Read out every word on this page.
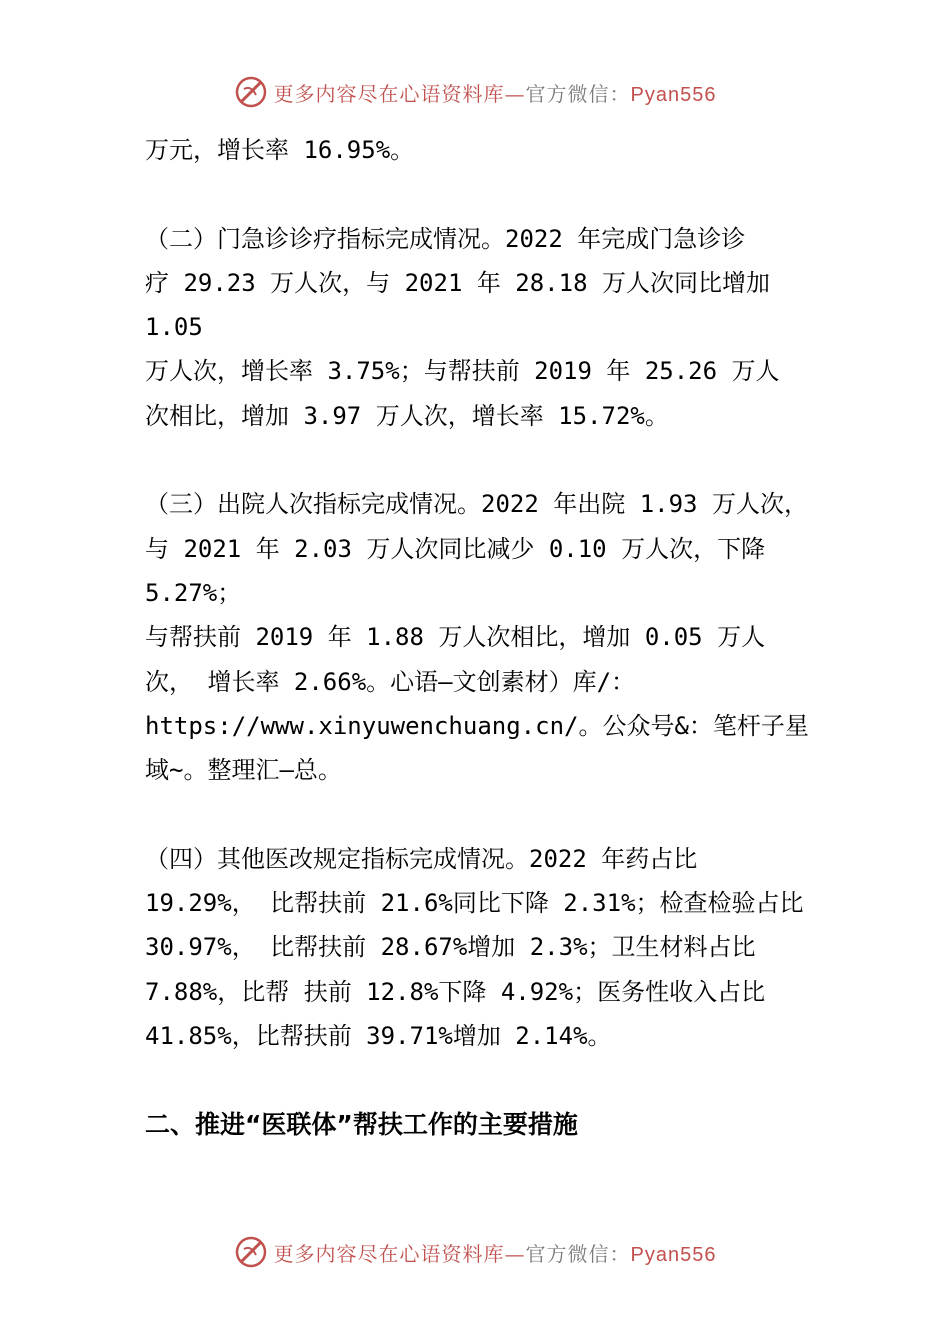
更多内容尽在心语资料库—官方微信：Pyan556
万元，增长率 16.95%。
（二）门急诊诊疗指标完成情况。2022 年完成门急诊诊
疗 29.23 万人次，与 2021 年 28.18 万人次同比增加
1.05
万人次，增长率 3.75%；与帮扶前 2019 年 25.26 万人
次相比，增加 3.97 万人次，增长率 15.72%。
（三）出院人次指标完成情况。2022 年出院 1.93 万人次，
与 2021 年 2.03 万人次同比减少 0.10 万人次，下降
5.27%；
与帮扶前 2019 年 1.88 万人次相比，增加 0.05 万人
次， 增长率 2.66%。心语—文创素材）库/：
https://www.xinyuwenchuang.cn/。公众号&：笔杆子星
域~。整理汇—总。
（四）其他医改规定指标完成情况。2022 年药占比
19.29%， 比帮扶前 21.6%同比下降 2.31%；检查检验占比
30.97%， 比帮扶前 28.67%增加 2.3%；卫生材料占比
7.88%，比帮 扶前 12.8%下降 4.92%；医务性收入占比
41.85%，比帮扶前 39.71%增加 2.14%。
二、推进“医联体”帮扶工作的主要措施
更多内容尽在心语资料库—官方微信：Pyan556
